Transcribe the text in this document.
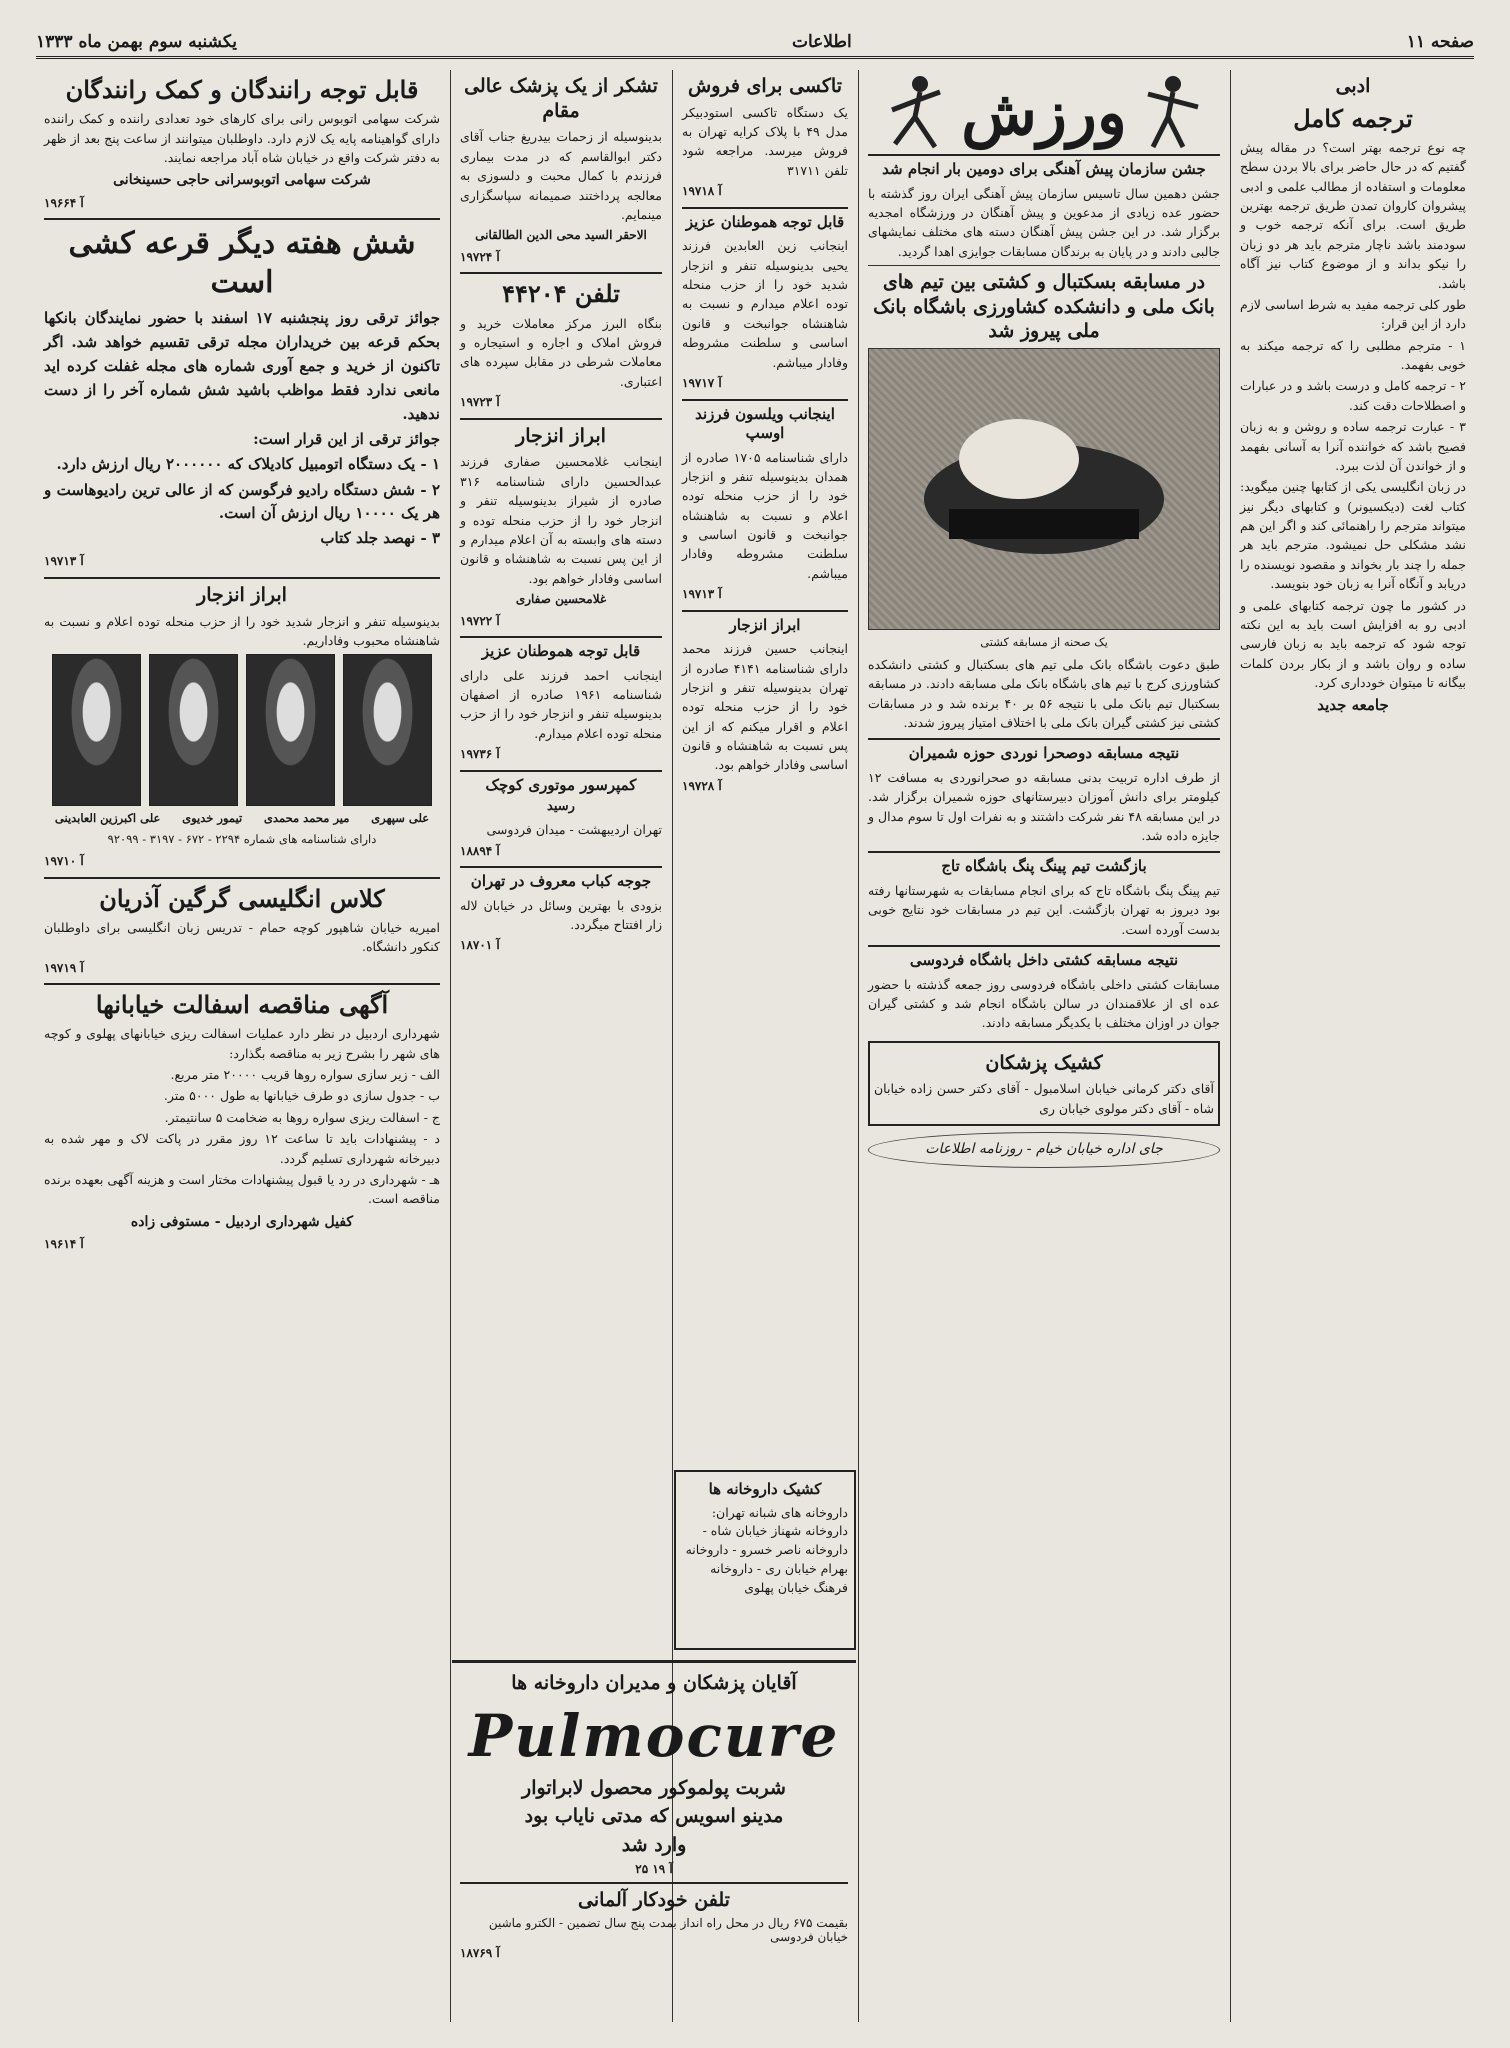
صفحه ۱۱
اطلاعات
یکشنبه سوم بهمن ماه ۱۳۳۳
ادبی
ترجمه کامل

چه نوع ترجمه بهتر است؟ در مقاله پیش گفتیم که در حال حاضر برای بالا بردن سطح معلومات و استفاده از مطالب علمی و ادبی پیشروان کاروان تمدن طریق ترجمه بهترین طریق است. برای آنکه ترجمه خوب و سودمند باشد ناچار مترجم باید هر دو زبان را نیکو بداند و از موضوع کتاب نیز آگاه باشد.

طور کلی ترجمه مفید به شرط اساسی لازم دارد از این قرار:

۱ - مترجم مطلبی را که ترجمه میکند به خوبی بفهمد.

۲ - ترجمه کامل و درست باشد و در عبارات و اصطلاحات دقت کند.

۳ - عبارت ترجمه ساده و روشن و به زبان فصیح باشد که خواننده آنرا به آسانی بفهمد و از خواندن آن لذت ببرد.

در زبان انگلیسی یکی از کتابها چنین میگوید: کتاب لغت (دیکسیونر) و کتابهای دیگر نیز میتواند مترجم را راهنمائی کند و اگر این هم نشد مشکلی حل نمیشود. مترجم باید هر جمله را چند بار بخواند و مقصود نویسنده را دریابد و آنگاه آنرا به زبان خود بنویسد.

در کشور ما چون ترجمه کتابهای علمی و ادبی رو به افزایش است باید به این نکته توجه شود که ترجمه باید به زبان فارسی ساده و روان باشد و از بکار بردن کلمات بیگانه تا میتوان خودداری کرد.

جامعه جدید

ورزش
جشن سازمان پیش آهنگی برای دومین بار انجام شد

جشن دهمین سال تاسیس سازمان پیش آهنگی ایران روز گذشته با حضور عده زیادی از مدعوین و پیش آهنگان در ورزشگاه امجدیه برگزار شد. در این جشن پیش آهنگان دسته های مختلف نمایشهای جالبی دادند و در پایان به برندگان مسابقات جوایزی اهدا گردید.

در مسابقه بسکتبال و کشتی بین تیم های بانک ملی و دانشکده کشاورزی باشگاه بانک ملی پیروز شد
یک صحنه از مسابقه کشتی

طبق دعوت باشگاه بانک ملی تیم های بسکتبال و کشتی دانشکده کشاورزی کرج با تیم های باشگاه بانک ملی مسابقه دادند. در مسابقه بسکتبال تیم بانک ملی با نتیجه ۵۶ بر ۴۰ برنده شد و در مسابقات کشتی نیز کشتی گیران بانک ملی با اختلاف امتیاز پیروز شدند.

نتیجه مسابقه دوصحرا نوردی حوزه شمیران

از طرف اداره تربیت بدنی مسابقه دو صحرانوردی به مسافت ۱۲ کیلومتر برای دانش آموزان دبیرستانهای حوزه شمیران برگزار شد. در این مسابقه ۴۸ نفر شرکت داشتند و به نفرات اول تا سوم مدال و جایزه داده شد.

بازگشت تیم پینگ پنگ باشگاه تاج

تیم پینگ پنگ باشگاه تاج که برای انجام مسابقات به شهرستانها رفته بود دیروز به تهران بازگشت. این تیم در مسابقات خود نتایج خوبی بدست آورده است.

نتیجه مسابقه کشتی داخل باشگاه فردوسی

مسابقات کشتی داخلی باشگاه فردوسی روز جمعه گذشته با حضور عده ای از علاقمندان در سالن باشگاه انجام شد و کشتی گیران جوان در اوزان مختلف با یکدیگر مسابقه دادند.

کشیک پزشکان

آقای دکتر کرمانی خیابان اسلامبول - آقای دکتر حسن زاده خیابان شاه - آقای دکتر مولوی خیابان ری

جای اداره خیابان خیام - روزنامه اطلاعات
تاکسی برای فروش

یک دستگاه تاکسی استودبیکر مدل ۴۹ با پلاک کرایه تهران به فروش میرسد. مراجعه شود تلفن ۳۱۷۱۱

۱۹۷۱۸ آ

قابل توجه هموطنان عزیز

اینجانب زین العابدین فرزند یحیی بدینوسیله تنفر و انزجار شدید خود را از حزب منحله توده اعلام میدارم و نسبت به شاهنشاه جوانبخت و قانون اساسی و سلطنت مشروطه وفادار میباشم.

۱۹۷۱۷ آ

اینجانب ویلسون فرزند اوسپ

دارای شناسنامه ۱۷۰۵ صادره از همدان بدینوسیله تنفر و انزجار خود را از حزب منحله توده اعلام و نسبت به شاهنشاه جوانبخت و قانون اساسی و سلطنت مشروطه وفادار میباشم.

۱۹۷۱۳ آ

ابراز انزجار

اینجانب حسین فرزند محمد دارای شناسنامه ۴۱۴۱ صادره از تهران بدینوسیله تنفر و انزجار خود را از حزب منحله توده اعلام و اقرار میکنم که از این پس نسبت به شاهنشاه و قانون اساسی وفادار خواهم بود.

۱۹۷۲۸ آ

تشکر از یک پزشک عالی مقام

بدینوسیله از زحمات بیدریغ جناب آقای دکتر ابوالقاسم که در مدت بیماری فرزندم با کمال محبت و دلسوزی به معالجه پرداختند صمیمانه سپاسگزاری مینمایم.

الاحقر السید محی الدین الطالقانی

۱۹۷۲۴ آ

تلفن ۴۴۲۰۴

بنگاه البرز مرکز معاملات خرید و فروش املاک و اجاره و استیجاره و معاملات شرطی در مقابل سپرده های اعتباری.

۱۹۷۲۳ آ

ابراز انزجار

اینجانب غلامحسین صفاری فرزند عبدالحسین دارای شناسنامه ۳۱۶ صادره از شیراز بدینوسیله تنفر و انزجار خود را از حزب منحله توده و دسته های وابسته به آن اعلام میدارم و از این پس نسبت به شاهنشاه و قانون اساسی وفادار خواهم بود.

غلامحسین صفاری

۱۹۷۲۲ آ

قابل توجه هموطنان عزیز

اینجانب احمد فرزند علی دارای شناسنامه ۱۹۶۱ صادره از اصفهان بدینوسیله تنفر و انزجار خود را از حزب منحله توده اعلام میدارم.

۱۹۷۳۶ آ

کمپرسور موتوری کوچک

رسید

تهران اردیبهشت - میدان فردوسی

۱۸۸۹۴ آ

جوجه کباب معروف در تهران

بزودی با بهترین وسائل در خیابان لاله زار افتتاح میگردد.

۱۸۷۰۱ آ

آقایان پزشکان و مدیران داروخانه ها
Pulmocure
شربت پولموکور محصول لابراتوار
مدینو اسویس که مدتی نایاب بود
وارد شد

آ ۱۹ ۲۵

تلفن خودکار آلمانی

بقیمت ۶۷۵ ریال در محل راه انداز بمدت پنج سال تضمین - الکترو ماشین خیابان فردوسی

۱۸۷۶۹ آ

کشیک داروخانه ها

داروخانه های شبانه تهران: داروخانه شهناز خیابان شاه - داروخانه ناصر خسرو - داروخانه بهرام خیابان ری - داروخانه فرهنگ خیابان پهلوی

قابل توجه رانندگان و کمک رانندگان

شرکت سهامی اتوبوس رانی برای کارهای خود تعدادی راننده و کمک راننده دارای گواهینامه پایه یک لازم دارد. داوطلبان میتوانند از ساعت پنج بعد از ظهر به دفتر شرکت واقع در خیابان شاه آباد مراجعه نمایند.

شرکت سهامی اتوبوسرانی حاجی حسینخانی

۱۹۶۶۴ آ

شش هفته دیگر قرعه کشی است

جوائز ترقی روز پنجشنبه ۱۷ اسفند با حضور نمایندگان بانکها بحکم قرعه بین خریداران مجله ترقی تقسیم خواهد شد. اگر تاکنون از خرید و جمع آوری شماره های مجله غفلت کرده اید مانعی ندارد فقط مواظب باشید شش شماره آخر را از دست ندهید.

جوائز ترقی از این قرار است:

۱ - یک دستگاه اتومبیل کادیلاک که ۲۰۰۰۰۰۰ ریال ارزش دارد.

۲ - شش دستگاه رادیو فرگوسن که از عالی ترین رادیوهاست و هر یک ۱۰۰۰۰ ریال ارزش آن است.

۳ - نهصد جلد کتاب

۱۹۷۱۳ آ

ابراز انزجار

بدینوسیله تنفر و انزجار شدید خود را از حزب منحله توده اعلام و نسبت به شاهنشاه محبوب وفاداریم.

علی سپهری
میر محمد محمدی
تیمور خدیوی
علی اکبرزین العابدینی

دارای شناسنامه های شماره ۲۲۹۴ - ۶۷۲ - ۳۱۹۷ - ۹۲۰۹۹

۱۹۷۱۰ آ

کلاس انگلیسی گرگین آذریان

امیریه خیابان شاهپور کوچه حمام - تدریس زبان انگلیسی برای داوطلبان کنکور دانشگاه.

۱۹۷۱۹ آ

آگهی مناقصه اسفالت خیابانها

شهرداری اردبیل در نظر دارد عملیات اسفالت ریزی خیابانهای پهلوی و کوچه های شهر را بشرح زیر به مناقصه بگذارد:

الف - زیر سازی سواره روها قریب ۲۰۰۰۰ متر مربع.

ب - جدول سازی دو طرف خیابانها به طول ۵۰۰۰ متر.

ج - اسفالت ریزی سواره روها به ضخامت ۵ سانتیمتر.

د - پیشنهادات باید تا ساعت ۱۲ روز مقرر در پاکت لاک و مهر شده به دبیرخانه شهرداری تسلیم گردد.

هـ - شهرداری در رد یا قبول پیشنهادات مختار است و هزینه آگهی بعهده برنده مناقصه است.

کفیل شهرداری اردبیل - مستوفی زاده

۱۹۶۱۴ آ
